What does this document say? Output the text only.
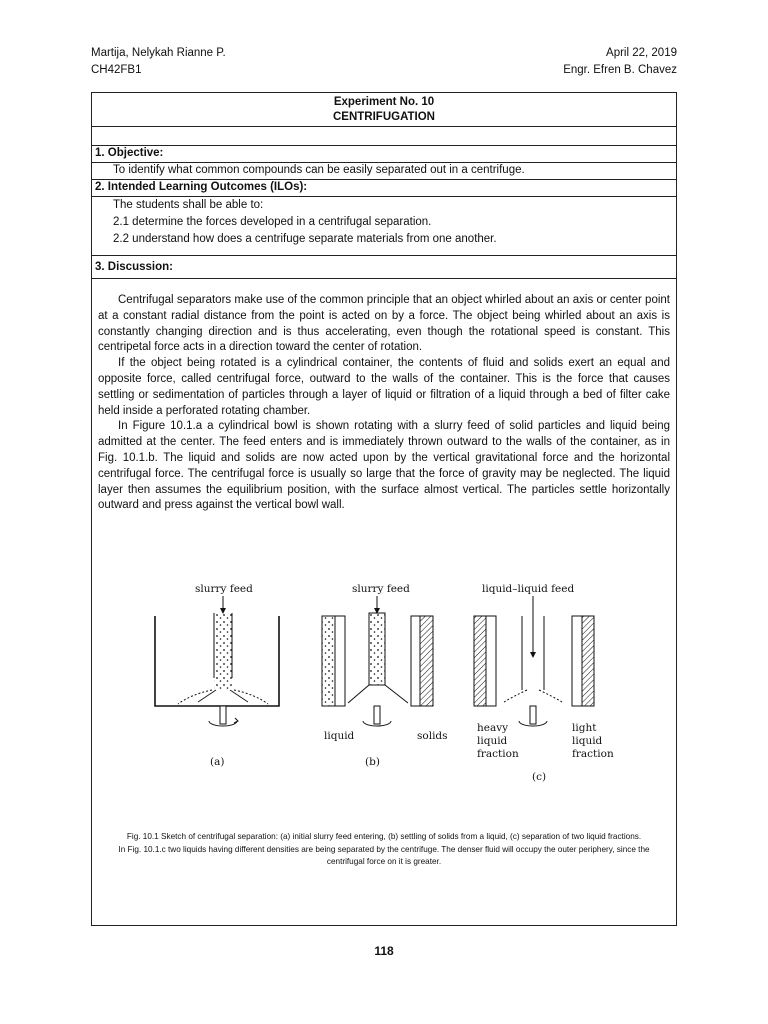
Martija, Nelykah Rianne P.
CH42FB1
April 22, 2019
Engr. Efren B. Chavez
Experiment No. 10
CENTRIFUGATION
1. Objective:
To identify what common compounds can be easily separated out in a centrifuge.
2. Intended Learning Outcomes (ILOs):
The students shall be able to:
2.1 determine the forces developed in a centrifugal separation.
2.2 understand how does a centrifuge separate materials from one another.
3. Discussion:

Centrifugal separators make use of the common principle that an object whirled about an axis or center point at a constant radial distance from the point is acted on by a force. The object being whirled about an axis is constantly changing direction and is thus accelerating, even though the rotational speed is constant. This centripetal force acts in a direction toward the center of rotation.

If the object being rotated is a cylindrical container, the contents of fluid and solids exert an equal and opposite force, called centrifugal force, outward to the walls of the container. This is the force that causes settling or sedimentation of particles through a layer of liquid or filtration of a liquid through a bed of filter cake held inside a perforated rotating chamber.

In Figure 10.1.a a cylindrical bowl is shown rotating with a slurry feed of solid particles and liquid being admitted at the center. The feed enters and is immediately thrown outward to the walls of the container, as in Fig. 10.1.b. The liquid and solids are now acted upon by the vertical gravitational force and the horizontal centrifugal force. The centrifugal force is usually so large that the force of gravity may be neglected. The liquid layer then assumes the equilibrium position, with the surface almost vertical. The particles settle horizontally outward and press against the vertical bowl wall.

slurry feed
(a)
slurry feed
liquid	solids
(b)
liquid–liquid feed
heavy
liquid
fraction
light
liquid
fraction
(c)
Fig. 10.1 Sketch of centrifugal separation: (a) initial slurry feed entering, (b) settling of solids from a liquid, (c) separation of two liquid fractions.
In Fig. 10.1.c two liquids having different densities are being separated by the centrifuge. The denser fluid will occupy the outer periphery, since the
centrifugal force on it is greater.
118
